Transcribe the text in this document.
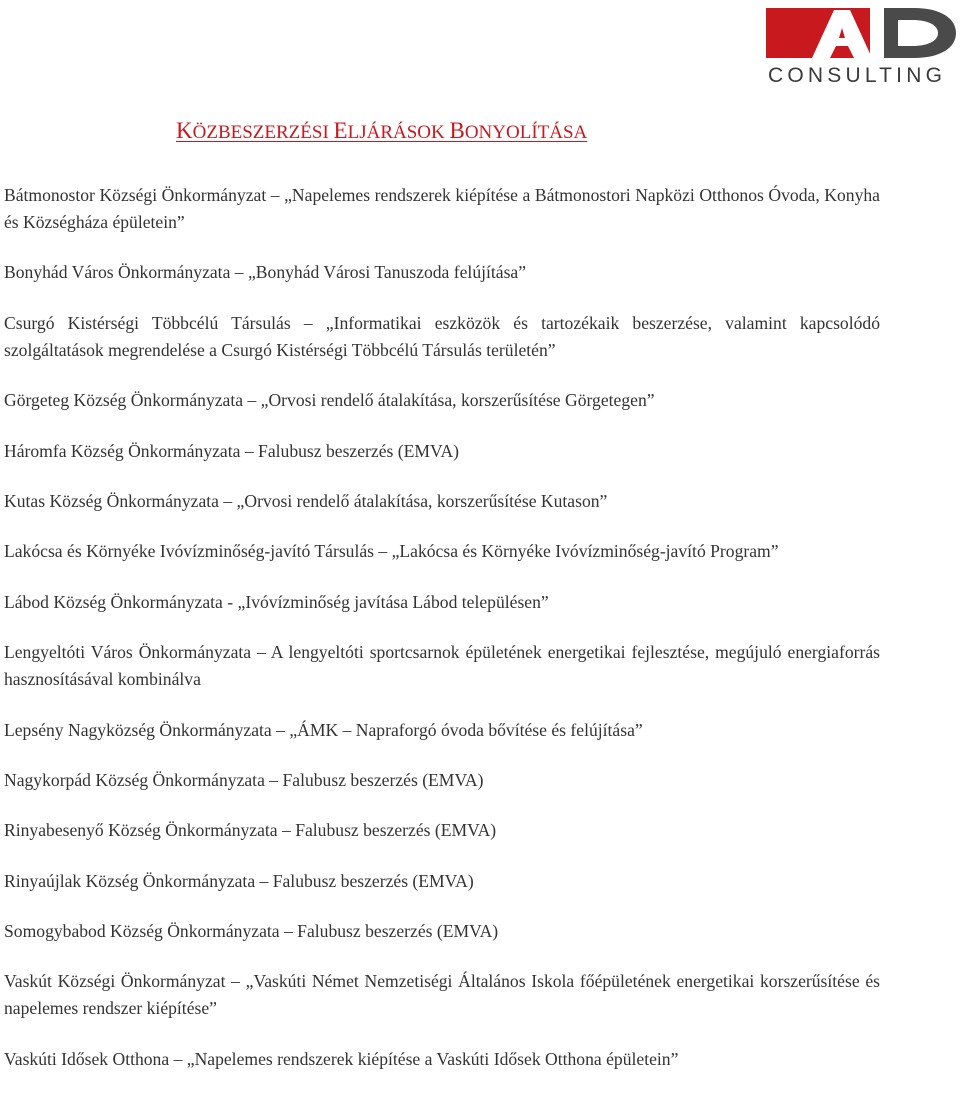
CONSULTING
KÖZBESZERZÉSI ELJÁRÁSOK BONYOLÍTÁSA

Bátmonostor Községi Önkormányzat – „Napelemes rendszerek kiépítése a Bátmonostori Napközi Otthonos Óvoda, Konyha és Községháza épületein”

Bonyhád Város Önkormányzata – „Bonyhád Városi Tanuszoda felújítása”

Csurgó Kistérségi Többcélú Társulás – „Informatikai eszközök és tartozékaik beszerzése, valamint kapcsolódó szolgáltatások megrendelése a Csurgó Kistérségi Többcélú Társulás területén”

Görgeteg Község Önkormányzata – „Orvosi rendelő átalakítása, korszerűsítése Görgetegen”

Háromfa Község Önkormányzata – Falubusz beszerzés (EMVA)

Kutas Község Önkormányzata – „Orvosi rendelő átalakítása, korszerűsítése Kutason”

Lakócsa és Környéke Ivóvízminőség-javító Társulás – „Lakócsa és Környéke Ivóvízminőség-javító Program”

Lábod Község Önkormányzata - „Ivóvízminőség javítása Lábod településen”

Lengyeltóti Város Önkormányzata – A lengyeltóti sportcsarnok épületének energetikai fejlesztése, megújuló energiaforrás hasznosításával kombinálva

Lepsény Nagyközség Önkormányzata – „ÁMK – Napraforgó óvoda bővítése és felújítása”

Nagykorpád Község Önkormányzata – Falubusz beszerzés (EMVA)

Rinyabesenyő Község Önkormányzata – Falubusz beszerzés (EMVA)

Rinyaújlak Község Önkormányzata – Falubusz beszerzés (EMVA)

Somogybabod Község Önkormányzata – Falubusz beszerzés (EMVA)

Vaskút Községi Önkormányzat – „Vaskúti Német Nemzetiségi Általános Iskola főépületének energetikai korszerűsítése és napelemes rendszer kiépítése”

Vaskúti Idősek Otthona – „Napelemes rendszerek kiépítése a Vaskúti Idősek Otthona épületein”
